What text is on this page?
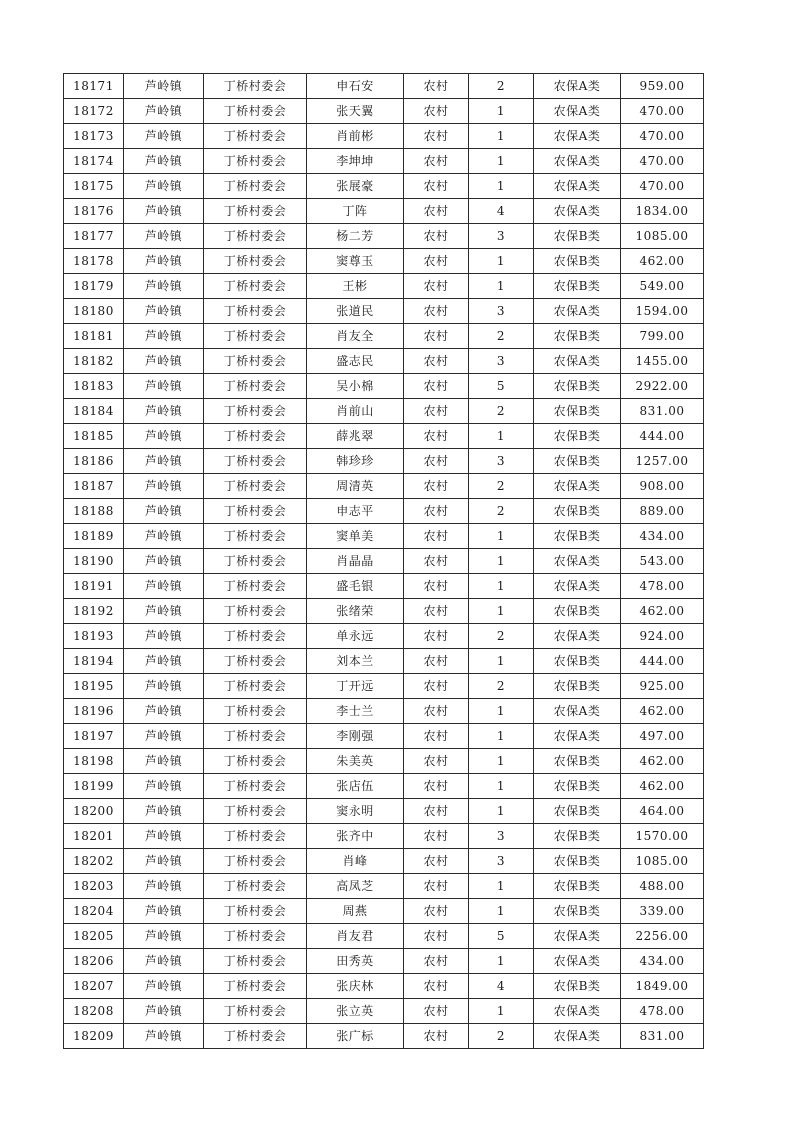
18171	芦岭镇	丁桥村委会	申石安	农村	2	农保A类	959.00
18172	芦岭镇	丁桥村委会	张天翼	农村	1	农保A类	470.00
18173	芦岭镇	丁桥村委会	肖前彬	农村	1	农保A类	470.00
18174	芦岭镇	丁桥村委会	李坤坤	农村	1	农保A类	470.00
18175	芦岭镇	丁桥村委会	张展豪	农村	1	农保A类	470.00
18176	芦岭镇	丁桥村委会	丁阵	农村	4	农保A类	1834.00
18177	芦岭镇	丁桥村委会	杨二芳	农村	3	农保B类	1085.00
18178	芦岭镇	丁桥村委会	窦尊玉	农村	1	农保B类	462.00
18179	芦岭镇	丁桥村委会	王彬	农村	1	农保B类	549.00
18180	芦岭镇	丁桥村委会	张道民	农村	3	农保A类	1594.00
18181	芦岭镇	丁桥村委会	肖友全	农村	2	农保B类	799.00
18182	芦岭镇	丁桥村委会	盛志民	农村	3	农保A类	1455.00
18183	芦岭镇	丁桥村委会	吴小棉	农村	5	农保B类	2922.00
18184	芦岭镇	丁桥村委会	肖前山	农村	2	农保B类	831.00
18185	芦岭镇	丁桥村委会	薛兆翠	农村	1	农保B类	444.00
18186	芦岭镇	丁桥村委会	韩珍珍	农村	3	农保B类	1257.00
18187	芦岭镇	丁桥村委会	周清英	农村	2	农保A类	908.00
18188	芦岭镇	丁桥村委会	申志平	农村	2	农保B类	889.00
18189	芦岭镇	丁桥村委会	窦单美	农村	1	农保B类	434.00
18190	芦岭镇	丁桥村委会	肖晶晶	农村	1	农保A类	543.00
18191	芦岭镇	丁桥村委会	盛毛银	农村	1	农保A类	478.00
18192	芦岭镇	丁桥村委会	张绪荣	农村	1	农保B类	462.00
18193	芦岭镇	丁桥村委会	单永远	农村	2	农保A类	924.00
18194	芦岭镇	丁桥村委会	刘本兰	农村	1	农保B类	444.00
18195	芦岭镇	丁桥村委会	丁开远	农村	2	农保B类	925.00
18196	芦岭镇	丁桥村委会	李士兰	农村	1	农保A类	462.00
18197	芦岭镇	丁桥村委会	李刚强	农村	1	农保A类	497.00
18198	芦岭镇	丁桥村委会	朱美英	农村	1	农保B类	462.00
18199	芦岭镇	丁桥村委会	张店伍	农村	1	农保B类	462.00
18200	芦岭镇	丁桥村委会	窦永明	农村	1	农保B类	464.00
18201	芦岭镇	丁桥村委会	张齐中	农村	3	农保B类	1570.00
18202	芦岭镇	丁桥村委会	肖峰	农村	3	农保B类	1085.00
18203	芦岭镇	丁桥村委会	高凤芝	农村	1	农保B类	488.00
18204	芦岭镇	丁桥村委会	周燕	农村	1	农保B类	339.00
18205	芦岭镇	丁桥村委会	肖友君	农村	5	农保A类	2256.00
18206	芦岭镇	丁桥村委会	田秀英	农村	1	农保A类	434.00
18207	芦岭镇	丁桥村委会	张庆林	农村	4	农保B类	1849.00
18208	芦岭镇	丁桥村委会	张立英	农村	1	农保A类	478.00
18209	芦岭镇	丁桥村委会	张广标	农村	2	农保A类	831.00
